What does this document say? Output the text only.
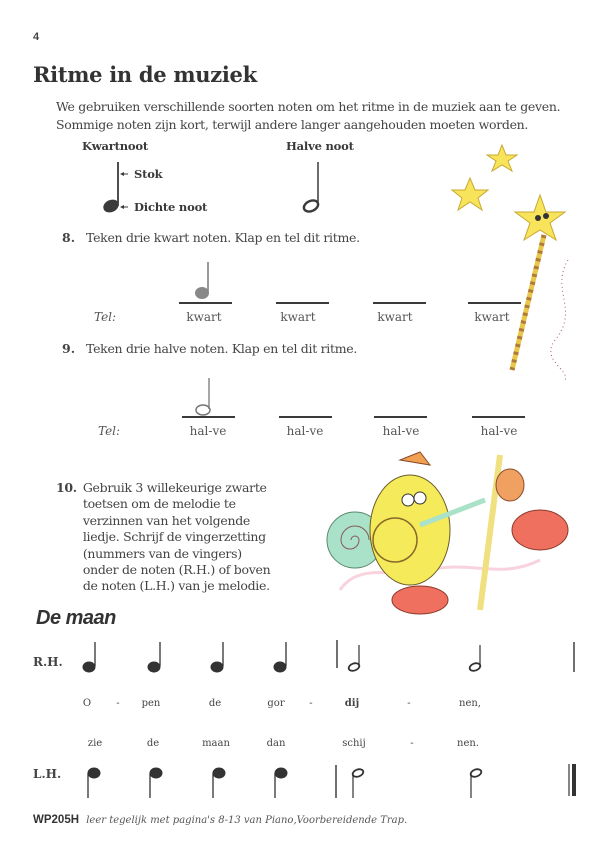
4
Ritme in de muziek
We gebruiken verschillende soorten noten om het ritme in de muziek aan te geven.
Sommige noten zijn kort, terwijl andere langer aangehouden moeten worden.
Kwartnoot	Halve noot
Stok
Dichte noot
8. Teken drie kwart noten. Klap en tel dit ritme.
Tel:	kwart	kwart	kwart	kwart
9. Teken drie halve noten. Klap en tel dit ritme.
Tel:	hal-ve	hal-ve	hal-ve	hal-ve
10. Gebruik 3 willekeurige zwarte
toetsen om de melodie te
verzinnen van het volgende
liedje. Schrijf de vingerzetting
(nummers van de vingers)
onder de noten (R.H.) of boven
de noten (L.H.) van je melodie.
De maan
R.H.
O	-	pen	de	gor	-	dij	-	nen,
zie	de	maan	dan	schij	-	nen.
L.H.
WP205H leer tegelijk met pagina's 8-13 van Piano,Voorbereidende Trap.
